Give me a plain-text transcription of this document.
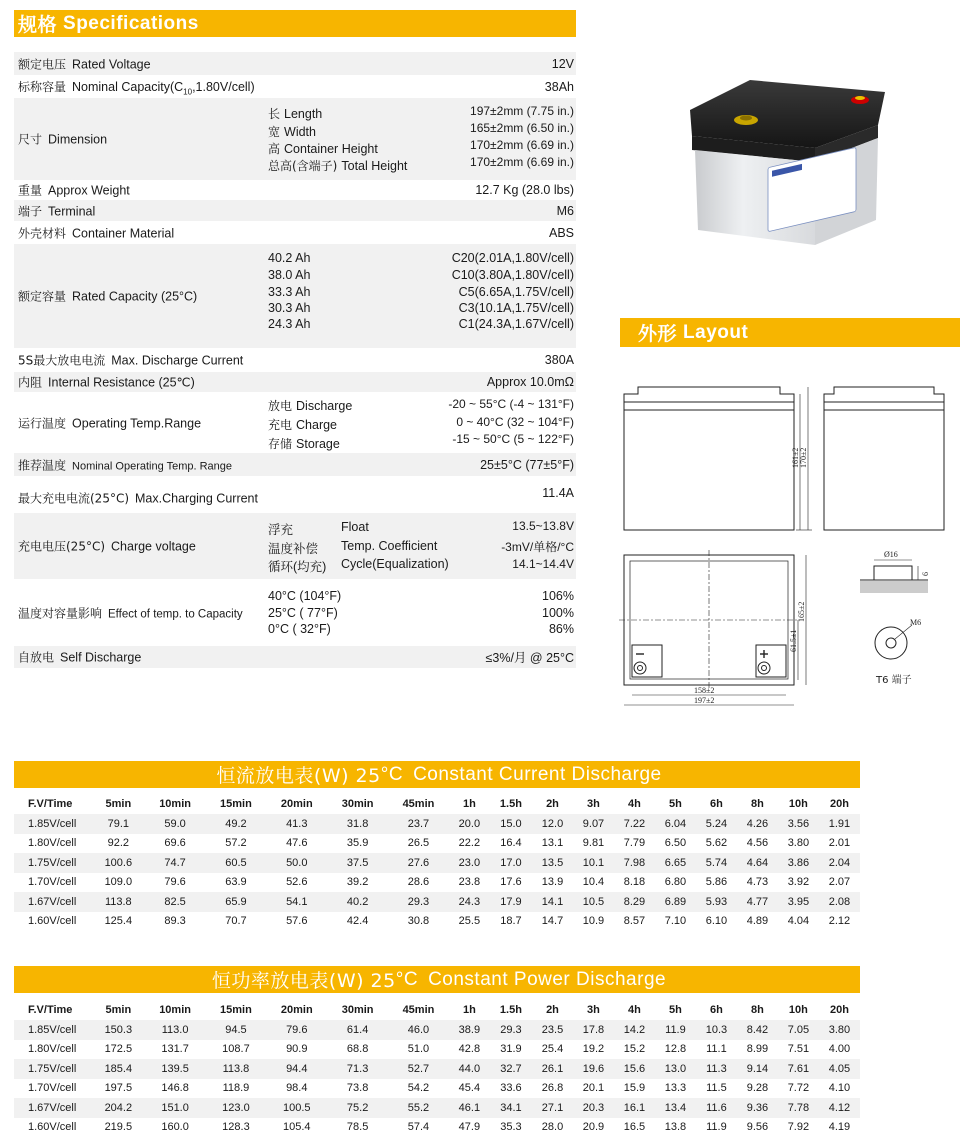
规格 Specifications
额定电压 Rated Voltage	12V
标称容量 Nominal $Capacity(C_{10},1.80V/cell)$	38Ah
尺寸 Dimension
长 Length	197±2mm (7.75 in.)
宽 Width	165±2mm (6.50 in.)
高 Container Height	170±2mm (6.69 in.)
总高(含端子) Total Height	170±2mm (6.69 in.)
重量 Approx Weight	12.7 Kg (28.0 lbs)
端子 Terminal	M6
外壳材料 Container Material	ABS
额定容量 Rated Capacity (25°C)
40.2 Ah	C20(2.01A,1.80V/cell)
38.0 Ah	C10(3.80A,1.80V/cell)
33.3 Ah	C5(6.65A,1.75V/cell)
30.3 Ah	C3(10.1A,1.75V/cell)
24.3 Ah	C1(24.3A,1.67V/cell)
5S最大放电电流 Max. Discharge Current	380A
内阻 Internal Resistance (25℃)	Approx 10.0mΩ
运行温度 Operating Temp.Range
放电 Discharge	-20 ~ 55°C (-4 ~ 131°F)
充电 Charge	0 ~ 40°C (32 ~ 104°F)
存储 Storage	-15 ~ 50°C (5 ~ 122°F)
推荐温度 Nominal Operating Temp. Range	25±5°C (77±5°F)
最大充电电流(25°C) Max.Charging Current	11.4A
充电电压(25°C) Charge voltage
浮充	Float	13.5~13.8V
温度补偿 Temp. Coefficient	-3mV/单格/°C
循环(均充) Cycle(Equalization)	14.1~14.4V
温度对容量影响 Effect of temp. to Capacity
40°C (104°F)	106%
25°C ( 77°F)	100%
0°C ( 32°F)	86%
自放电 Self Discharge	≤3%/月 @ 25°C
外形 Layout
161±2 170±2
158±2
197±2
61.5±1
165±2
Ø16
6
M6
T6 端子
恒流放电表(W) 25 °C Constant Current Discharge
F.V/Time	5min	10min	15min	20min	30min	45min	1h	1.5h	2h	3h	4h	5h	6h	8h	10h	20h
1.85V/cell	79.1	59.0	49.2	41.3	31.8	23.7	20.0	15.0	12.0	9.07	7.22	6.04	5.24	4.26	3.56	1.91
1.80V/cell	92.2	69.6	57.2	47.6	35.9	26.5	22.2	16.4	13.1	9.81	7.79	6.50	5.62	4.56	3.80	2.01
1.75V/cell	100.6	74.7	60.5	50.0	37.5	27.6	23.0	17.0	13.5	10.1	7.98	6.65	5.74	4.64	3.86	2.04
1.70V/cell	109.0	79.6	63.9	52.6	39.2	28.6	23.8	17.6	13.9	10.4	8.18	6.80	5.86	4.73	3.92	2.07
1.67V/cell	113.8	82.5	65.9	54.1	40.2	29.3	24.3	17.9	14.1	10.5	8.29	6.89	5.93	4.77	3.95	2.08
1.60V/cell	125.4	89.3	70.7	57.6	42.4	30.8	25.5	18.7	14.7	10.9	8.57	7.10	6.10	4.89	4.04	2.12
恒功率放电表(W) 25 °C Constant Power Discharge
F.V/Time	5min	10min	15min	20min	30min	45min	1h	1.5h	2h	3h	4h	5h	6h	8h	10h	20h
1.85V/cell	150.3	113.0	94.5	79.6	61.4	46.0	38.9	29.3	23.5	17.8	14.2	11.9	10.3	8.42	7.05	3.80
1.80V/cell	172.5	131.7	108.7	90.9	68.8	51.0	42.8	31.9	25.4	19.2	15.2	12.8	11.1	8.99	7.51	4.00
1.75V/cell	185.4	139.5	113.8	94.4	71.3	52.7	44.0	32.7	26.1	19.6	15.6	13.0	11.3	9.14	7.61	4.05
1.70V/cell	197.5	146.8	118.9	98.4	73.8	54.2	45.4	33.6	26.8	20.1	15.9	13.3	11.5	9.28	7.72	4.10
1.67V/cell	204.2	151.0	123.0	100.5	75.2	55.2	46.1	34.1	27.1	20.3	16.1	13.4	11.6	9.36	7.78	4.12
1.60V/cell	219.5	160.0	128.3	105.4	78.5	57.4	47.9	35.3	28.0	20.9	16.5	13.8	11.9	9.56	7.92	4.19
